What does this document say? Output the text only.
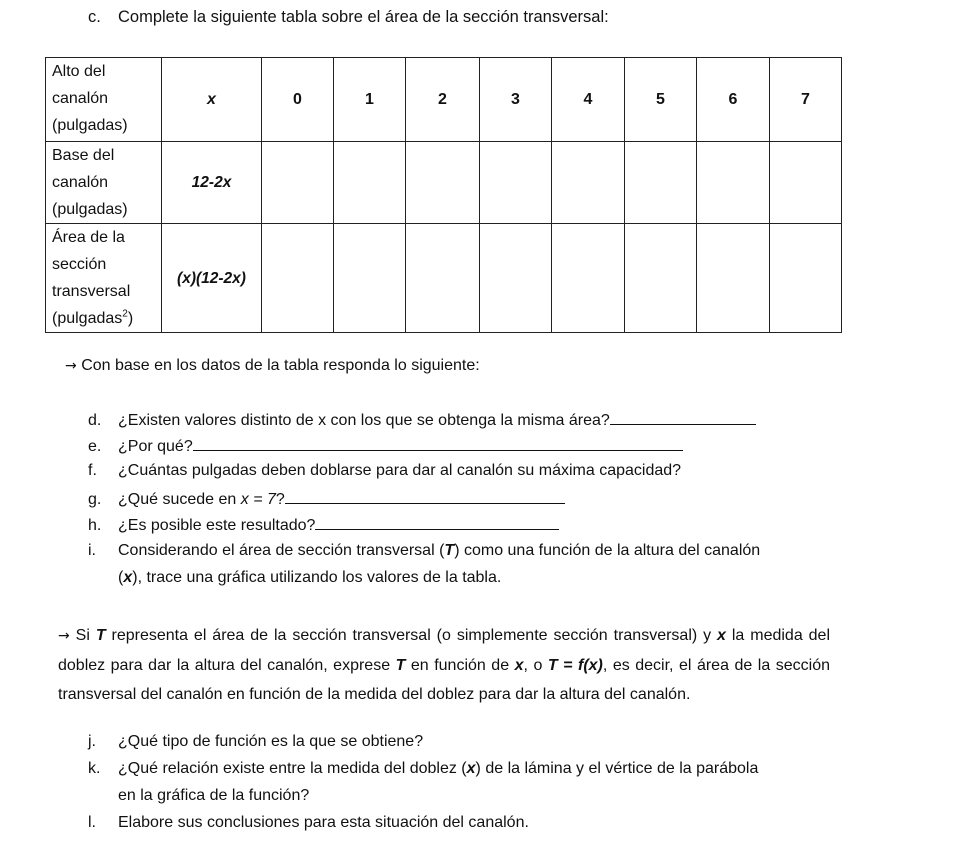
c. Complete la siguiente tabla sobre el área de la sección transversal:
Alto del
canalón
(pulgadas)	x	0	1	2	3	4	5	6	7

Base del
canalón
(pulgadas)	12-2x								

Área de la
sección
transversal
(pulgadas$^2$)	(x)(12-2x)								
→ Con base en los datos de la tabla responda lo siguiente:
d. ¿Existen valores distinto de x con los que se obtenga la misma área?
e. ¿Por qué?
f. ¿Cuántas pulgadas deben doblarse para dar al canalón su máxima capacidad?
g. ¿Qué sucede en x = 7?
h. ¿Es posible este resultado?
i. Considerando el área de sección transversal (T) como una función de la altura del canalón
(x), trace una gráfica utilizando los valores de la tabla.
→ Si T representa el área de la sección transversal (o simplemente sección transversal) y x la medida del doblez para dar la altura del canalón, exprese T en función de x, o T = f(x), es decir, el área de la sección transversal del canalón en función de la medida del doblez para dar la altura del canalón.
j. ¿Qué tipo de función es la que se obtiene?
k. ¿Qué relación existe entre la medida del doblez (x) de la lámina y el vértice de la parábola
en la gráfica de la función?
l. Elabore sus conclusiones para esta situación del canalón.
